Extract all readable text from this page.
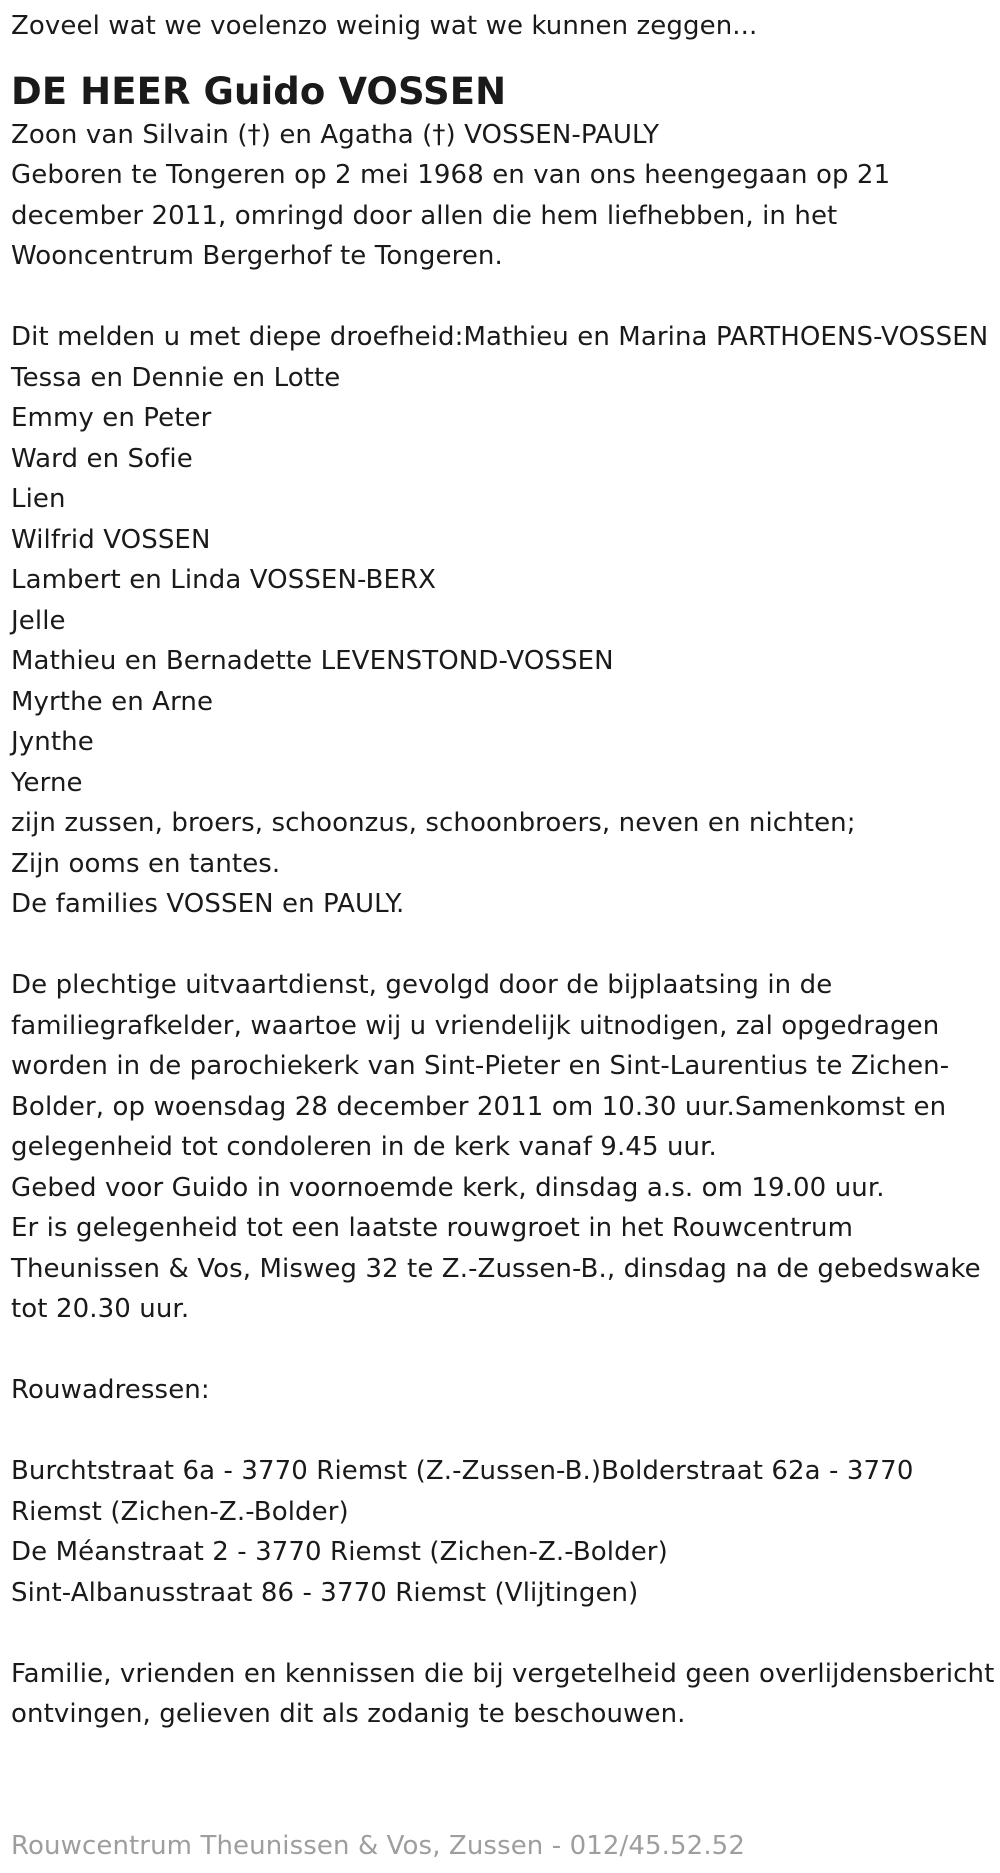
Zoveel wat we voelenzo weinig wat we kunnen zeggen...
DE HEER Guido VOSSEN
Zoon van Silvain (†) en Agatha (†) VOSSEN-PAULY
Geboren te Tongeren op 2 mei 1968 en van ons heengegaan op 21 december 2011, omringd door allen die hem liefhebben, in het Wooncentrum Bergerhof te Tongeren.
Dit melden u met diepe droefheid:Mathieu en Marina PARTHOENS-VOSSEN
Tessa en Dennie en Lotte
Emmy en Peter
Ward en Sofie
Lien
Wilfrid VOSSEN
Lambert en Linda VOSSEN-BERX
Jelle
Mathieu en Bernadette LEVENSTOND-VOSSEN
Myrthe en Arne
Jynthe
Yerne
zijn zussen, broers, schoonzus, schoonbroers, neven en nichten;
Zijn ooms en tantes.
De families VOSSEN en PAULY.
De plechtige uitvaartdienst, gevolgd door de bijplaatsing in de familiegrafkelder, waartoe wij u vriendelijk uitnodigen, zal opgedragen worden in de parochiekerk van Sint-Pieter en Sint-Laurentius te Zichen-Bolder, op woensdag 28 december 2011 om 10.30 uur.Samenkomst en gelegenheid tot condoleren in de kerk vanaf 9.45 uur.
Gebed voor Guido in voornoemde kerk, dinsdag a.s. om 19.00 uur.
Er is gelegenheid tot een laatste rouwgroet in het Rouwcentrum Theunissen & Vos, Misweg 32 te Z.-Zussen-B., dinsdag na de gebedswake tot 20.30 uur.
Rouwadressen:
Burchtstraat 6a - 3770 Riemst (Z.-Zussen-B.)Bolderstraat 62a - 3770 Riemst (Zichen-Z.-Bolder)
De Méanstraat 2 - 3770 Riemst (Zichen-Z.-Bolder)
Sint-Albanusstraat 86 - 3770 Riemst (Vlijtingen)
Familie, vrienden en kennissen die bij vergetelheid geen overlijdensbericht ontvingen, gelieven dit als zodanig te beschouwen.
Rouwcentrum Theunissen & Vos, Zussen - 012/45.52.52
